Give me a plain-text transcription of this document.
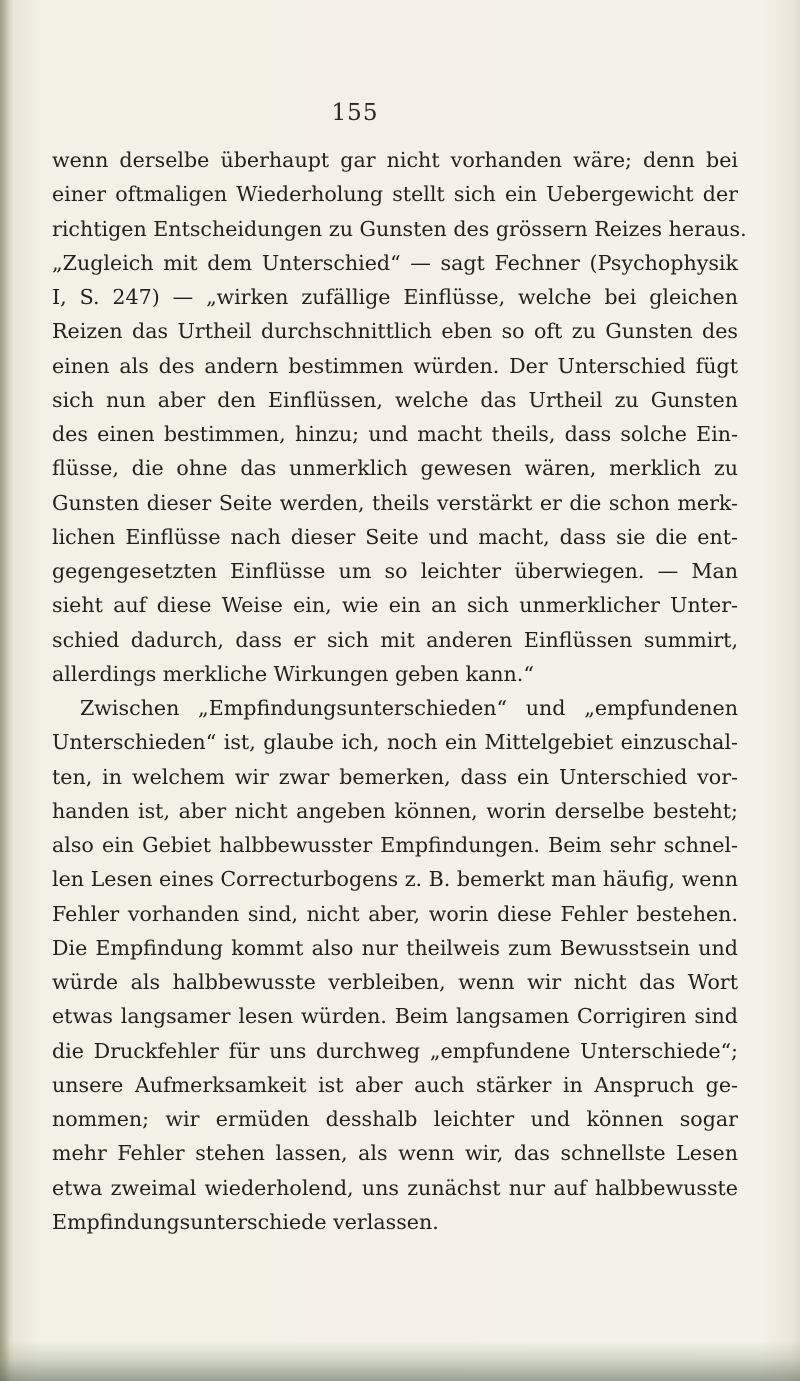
155
wenn derselbe überhaupt gar nicht vorhanden wäre; denn bei
einer oftmaligen Wiederholung stellt sich ein Uebergewicht der
richtigen Entscheidungen zu Gunsten des grössern Reizes heraus.
„Zugleich mit dem Unterschied“ — sagt Fechner (Psychophysik
I, S. 247) — „wirken zufällige Einflüsse, welche bei gleichen
Reizen das Urtheil durchschnittlich eben so oft zu Gunsten des
einen als des andern bestimmen würden. Der Unterschied fügt
sich nun aber den Einflüssen, welche das Urtheil zu Gunsten
des einen bestimmen, hinzu; und macht theils, dass solche Ein-
flüsse, die ohne das unmerklich gewesen wären, merklich zu
Gunsten dieser Seite werden, theils verstärkt er die schon merk-
lichen Einflüsse nach dieser Seite und macht, dass sie die ent-
gegengesetzten Einflüsse um so leichter überwiegen. — Man
sieht auf diese Weise ein, wie ein an sich unmerklicher Unter-
schied dadurch, dass er sich mit anderen Einflüssen summirt,
allerdings merkliche Wirkungen geben kann.“
Zwischen „Empfindungsunterschieden“ und „empfundenen
Unterschieden“ ist, glaube ich, noch ein Mittelgebiet einzuschal-
ten, in welchem wir zwar bemerken, dass ein Unterschied vor-
handen ist, aber nicht angeben können, worin derselbe besteht;
also ein Gebiet halbbewusster Empfindungen. Beim sehr schnel-
len Lesen eines Correcturbogens z. B. bemerkt man häufig, wenn
Fehler vorhanden sind, nicht aber, worin diese Fehler bestehen.
Die Empfindung kommt also nur theilweis zum Bewusstsein und
würde als halbbewusste verbleiben, wenn wir nicht das Wort
etwas langsamer lesen würden. Beim langsamen Corrigiren sind
die Druckfehler für uns durchweg „empfundene Unterschiede“;
unsere Aufmerksamkeit ist aber auch stärker in Anspruch ge-
nommen; wir ermüden desshalb leichter und können sogar
mehr Fehler stehen lassen, als wenn wir, das schnellste Lesen
etwa zweimal wiederholend, uns zunächst nur auf halbbewusste
Empfindungsunterschiede verlassen.
